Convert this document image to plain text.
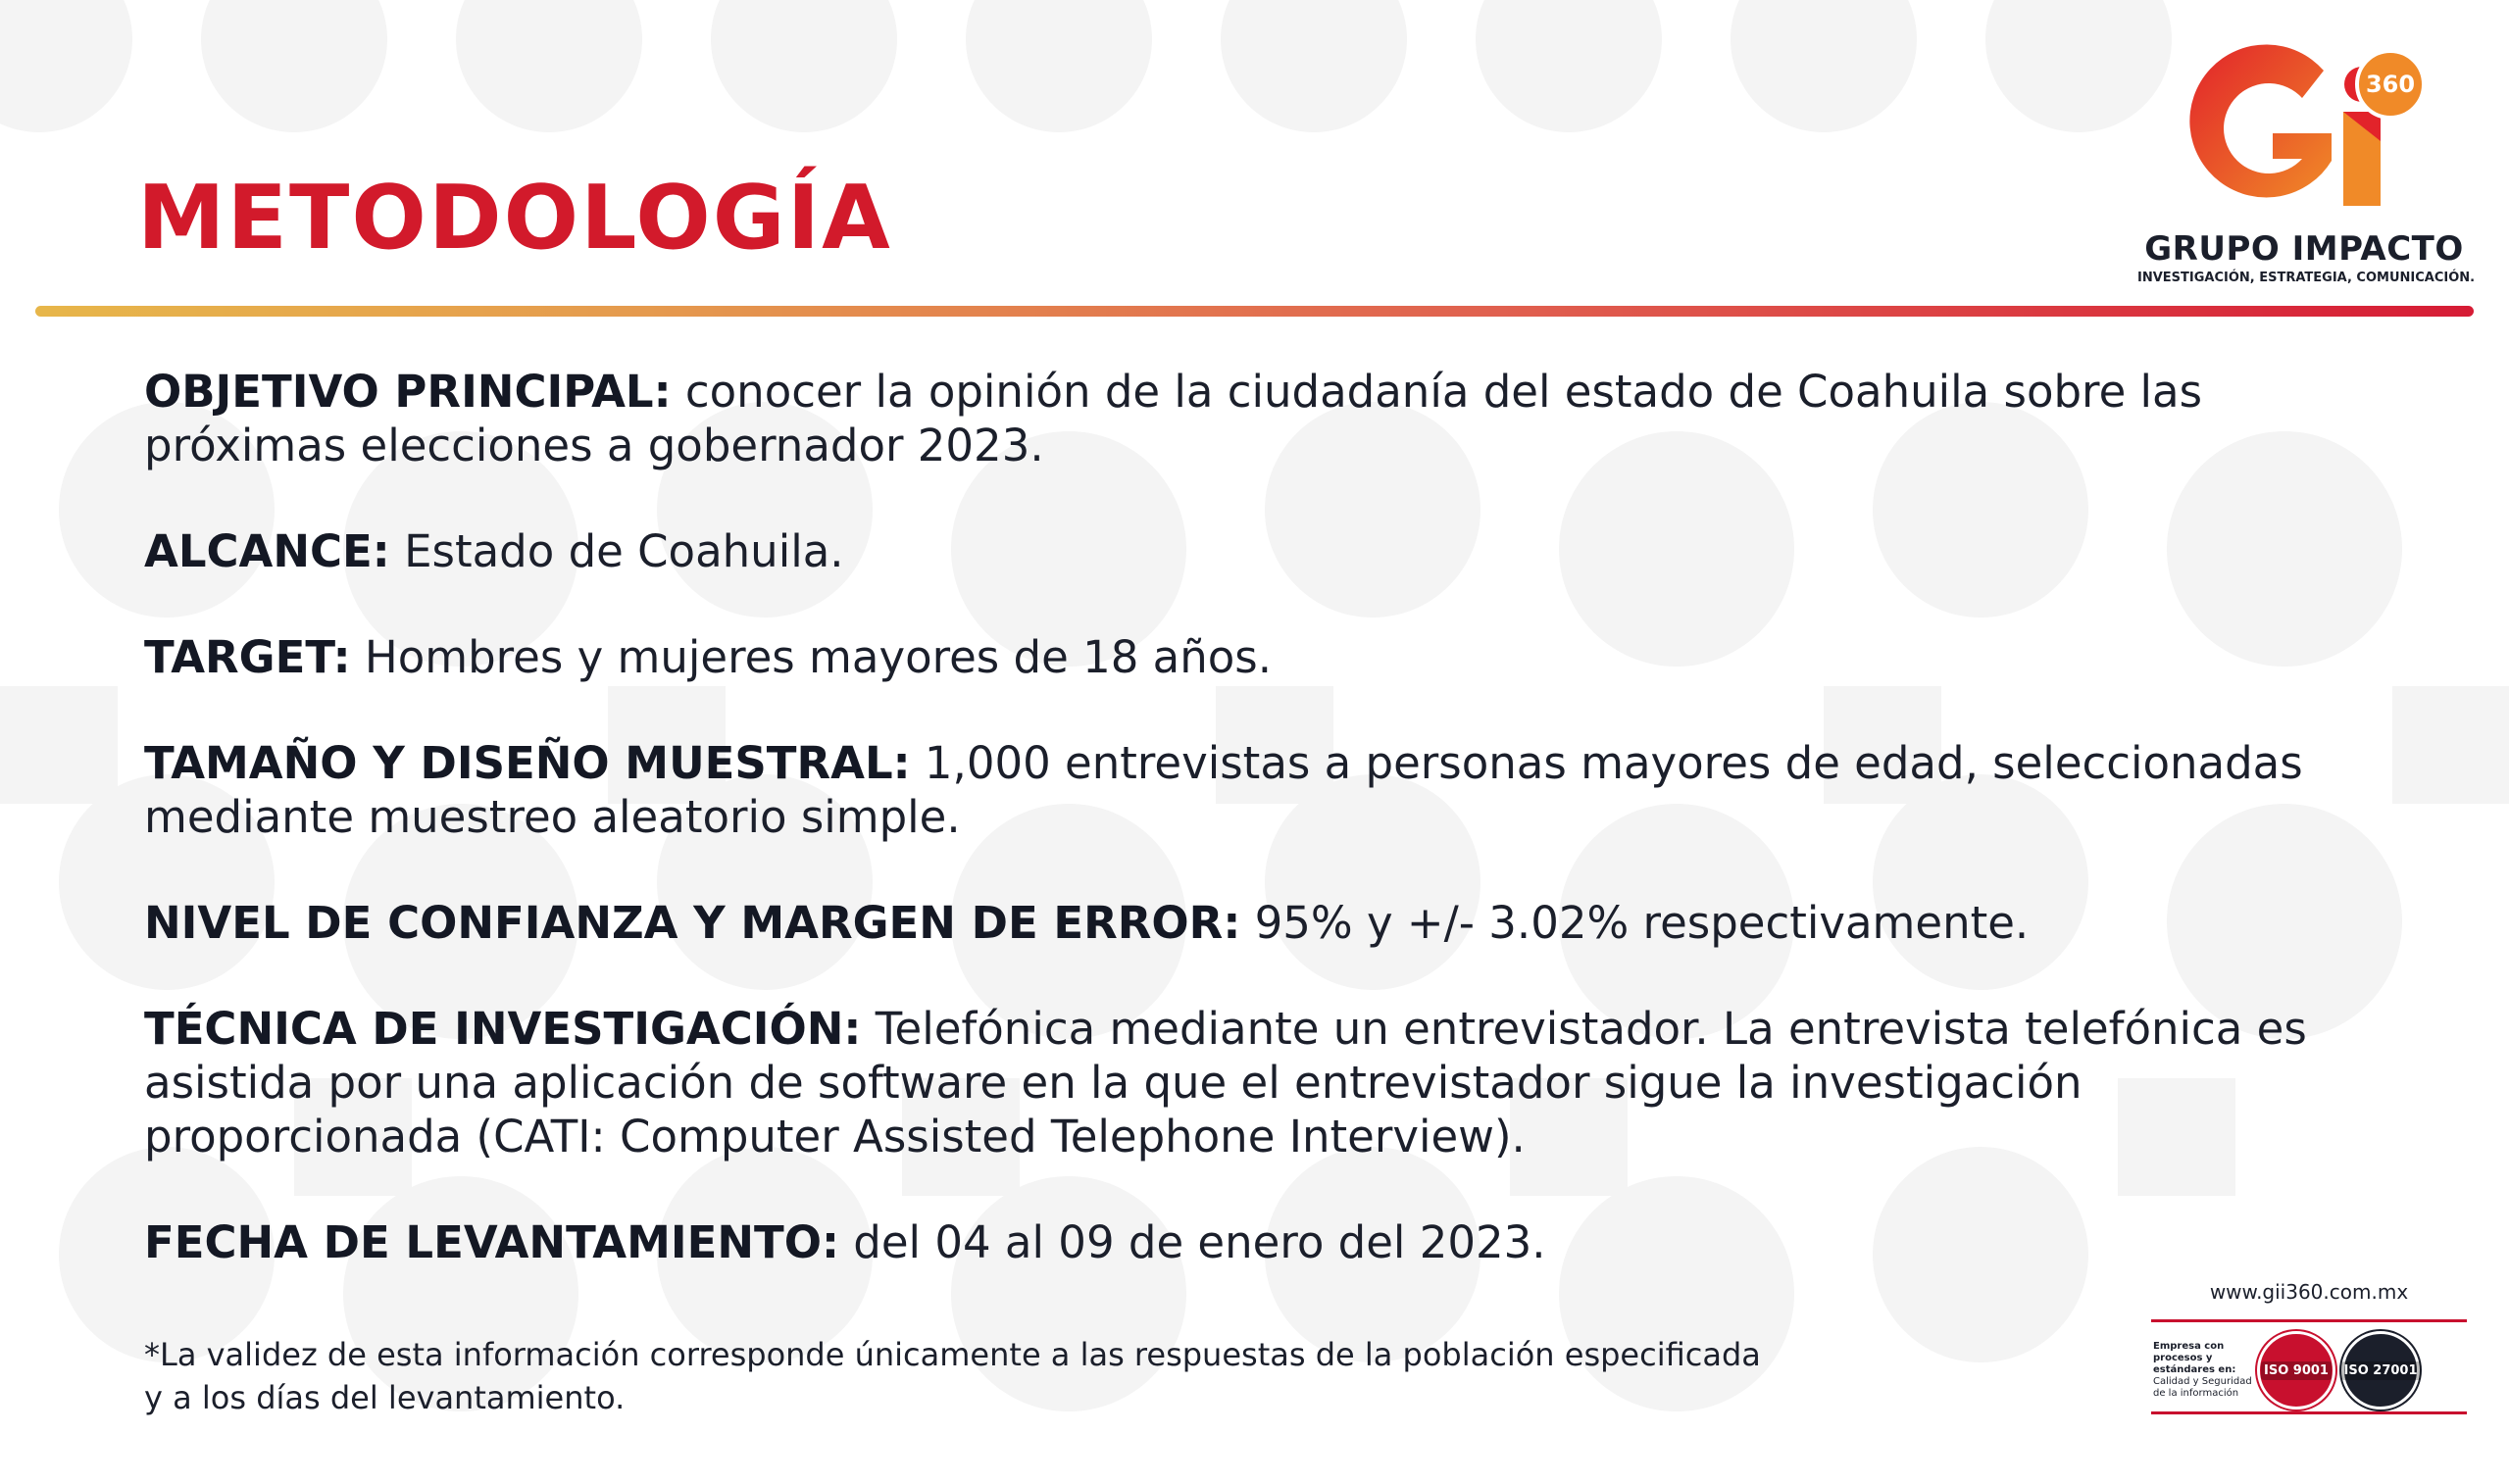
METODOLOGÍA
360
GRUPO IMPACTO
INVESTIGACIÓN, ESTRATEGIA, COMUNICACIÓN.
OBJETIVO PRINCIPAL: conocer la opinión de la ciudadanía del estado de Coahuila sobre las próximas elecciones a gobernador 2023.
ALCANCE: Estado de Coahuila.
TARGET: Hombres y mujeres mayores de 18 años.
TAMAÑO Y DISEÑO MUESTRAL: 1,000 entrevistas a personas mayores de edad, seleccionadas mediante muestreo aleatorio simple.
NIVEL DE CONFIANZA Y MARGEN DE ERROR: 95% y +/- 3.02% respectivamente.
TÉCNICA DE INVESTIGACIÓN: Telefónica mediante un entrevistador. La entrevista telefónica es asistida por una aplicación de software en la que el entrevistador sigue la investigación proporcionada (CATI: Computer Assisted Telephone Interview).
FECHA DE LEVANTAMIENTO: del 04 al 09 de enero del 2023.
*La validez de esta información corresponde únicamente a las respuestas de la población especificada
y a los días del levantamiento.
www.gii360.com.mx
Empresa con procesos y estándares en:
Calidad y Seguridad de la información
ISO 9001 ISO 27001
